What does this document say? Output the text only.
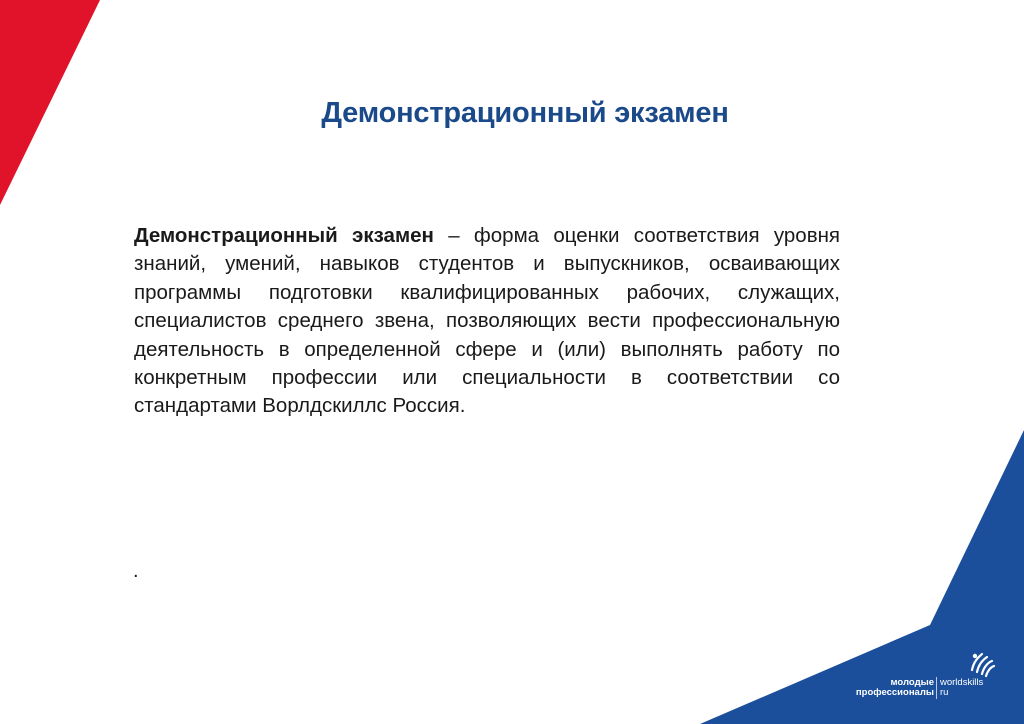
Демонстрационный экзамен
Демонстрационный экзамен – форма оценки соответствия уровня знаний, умений, навыков студентов и выпускников, осваивающих программы подготовки квалифицированных рабочих, служащих, специалистов среднего звена, позволяющих вести профессиональную деятельность в определенной сфере и (или) выполнять работу по конкретным профессии или специальности в соответствии со стандартами Ворлдскиллс Россия.
.
молодые
профессионалы
worldskills
ru
